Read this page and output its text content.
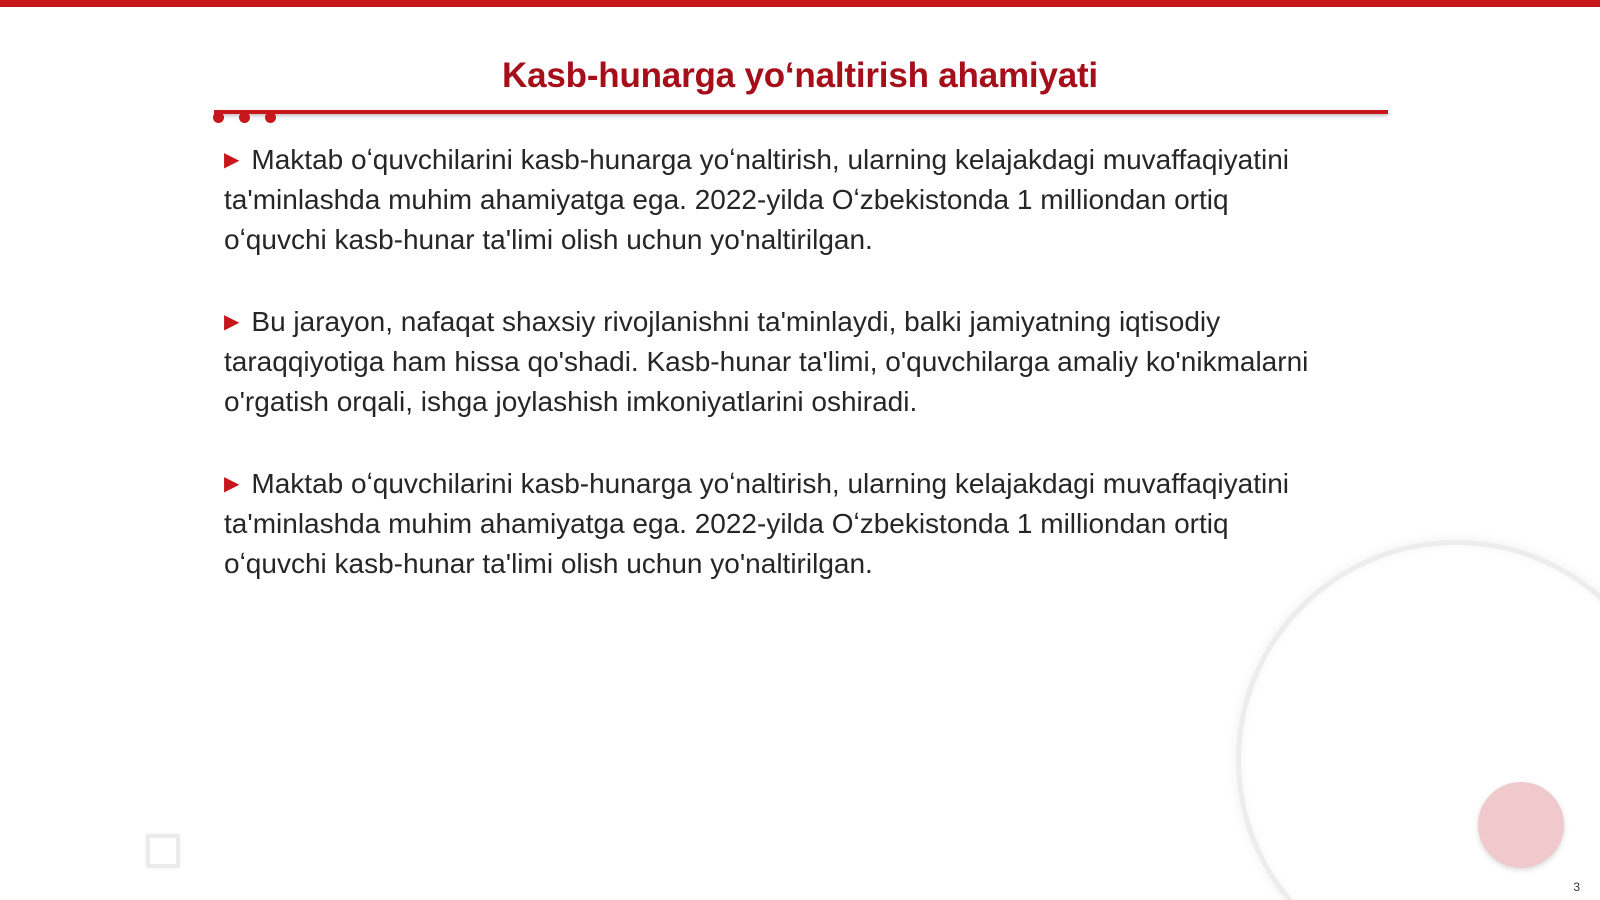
Kasb-hunarga yoʻnaltirish ahamiyati
▶ Maktab oʻquvchilarini kasb-hunarga yoʻnaltirish, ularning kelajakdagi muvaffaqiyatini ta'minlashda muhim ahamiyatga ega. 2022-yilda Oʻzbekistonda 1 milliondan ortiq oʻquvchi kasb-hunar ta'limi olish uchun yo'naltirilgan.
▶ Bu jarayon, nafaqat shaxsiy rivojlanishni ta'minlaydi, balki jamiyatning iqtisodiy taraqqiyotiga ham hissa qo'shadi. Kasb-hunar ta'limi, o'quvchilarga amaliy ko'nikmalarni o'rgatish orqali, ishga joylashish imkoniyatlarini oshiradi.
▶ Maktab oʻquvchilarini kasb-hunarga yoʻnaltirish, ularning kelajakdagi muvaffaqiyatini ta'minlashda muhim ahamiyatga ega. 2022-yilda Oʻzbekistonda 1 milliondan ortiq oʻquvchi kasb-hunar ta'limi olish uchun yo'naltirilgan.
3
